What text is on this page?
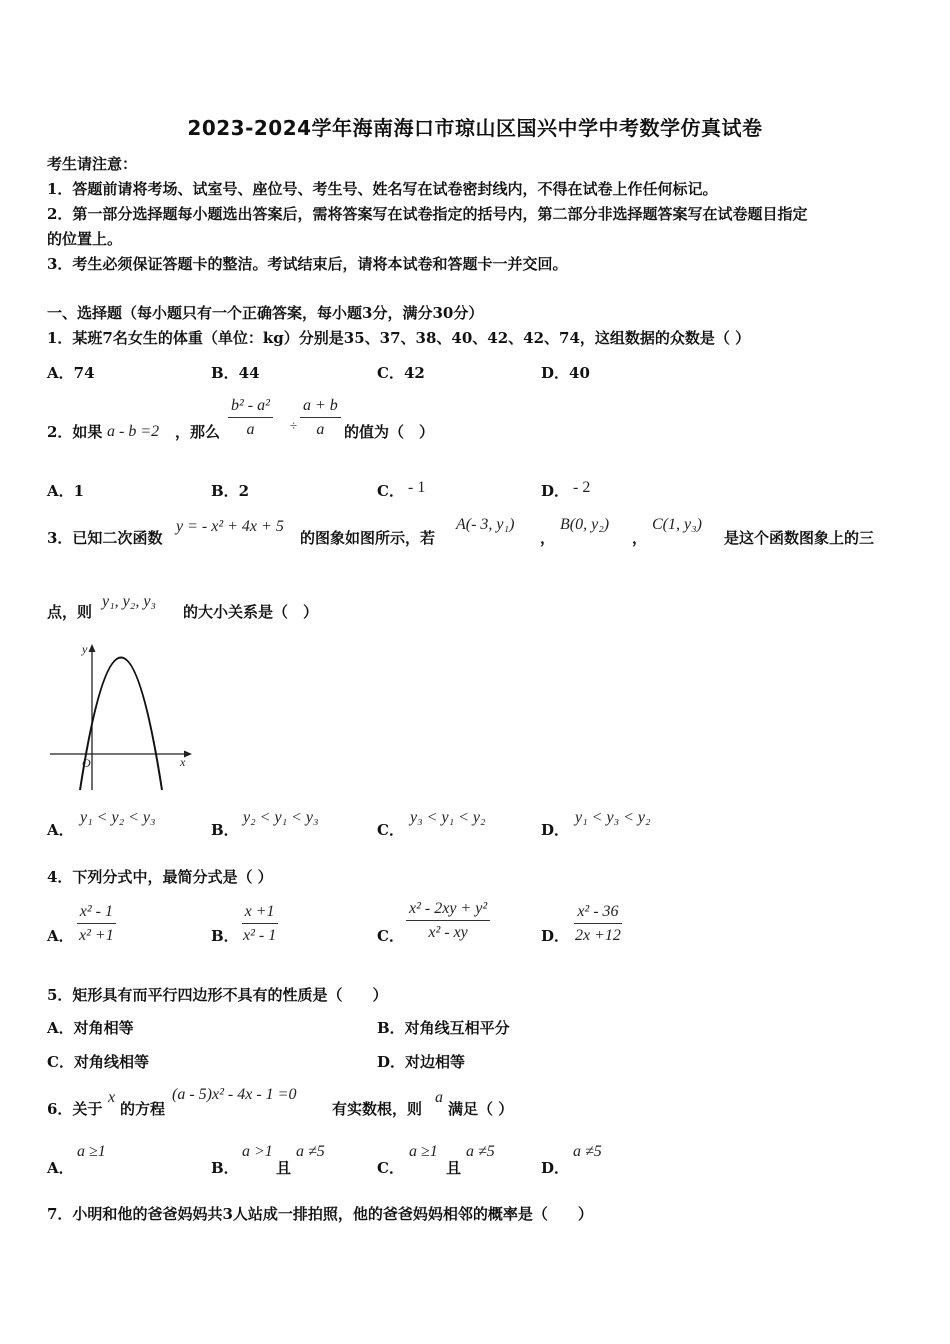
2023-2024学年海南海口市琼山区国兴中学中考数学仿真试卷
考生请注意：
1．答题前请将考场、试室号、座位号、考生号、姓名写在试卷密封线内，不得在试卷上作任何标记。
2．第一部分选择题每小题选出答案后，需将答案写在试卷指定的括号内，第二部分非选择题答案写在试卷题目指定
的位置上。
3．考生必须保证答题卡的整洁。考试结束后，请将本试卷和答题卡一并交回。
一、选择题（每小题只有一个正确答案，每小题3分，满分30分）
1．某班7名女生的体重（单位：kg）分别是35、37、38、40、42、42、74，这组数据的众数是（ ）
A．74	B．44	C．42	D．40
2．如果 a - b =2 ，那么 $\frac{\text{b² - a²}}{a} \div \frac{a + b}{a}$ 的值为（　）
A．1	B．2	C． - 1	D． - 2
3．已知二次函数
y = - x² + 4x + 5
的图象如图所示，若
A(- 3, y₁)
，
B(0, y₂)
，
C(1, y₃)
是这个函数图象上的三
点，则
y₁, y₂, y₃
的大小关系是（　）
y
x
O
A．
y₁ < y₂ < y₃
B．
y₂ < y₁ < y₃
C．
y₃ < y₁ < y₂
D．
y₁ < y₃ < y₂
4．下列分式中，最简分式是（ ）
A． $\frac{\text{x² - 1}}{\text{x² +1}}$	B． $\frac{x +1}{\text{x² - 1}}$	C． $\frac{\text{x² - 2xy + y²}}{\text{x² - xy}}$	D． $\frac{\text{x² - 36}}{2x +12}$
5．矩形具有而平行四边形不具有的性质是（　　）
A．对角相等	B．对角线互相平分
C．对角线相等	D．对边相等
6．关于
x
的方程
(a - 5)x² - 4x - 1 =0
有实数根，则
a
满足（ ）
A．
a ≥1
B．
a >1
且
a ≠5
C．
a ≥1
且
a ≠5
D．
a ≠5
7．小明和他的爸爸妈妈共3人站成一排拍照，他的爸爸妈妈相邻的概率是（　　）
